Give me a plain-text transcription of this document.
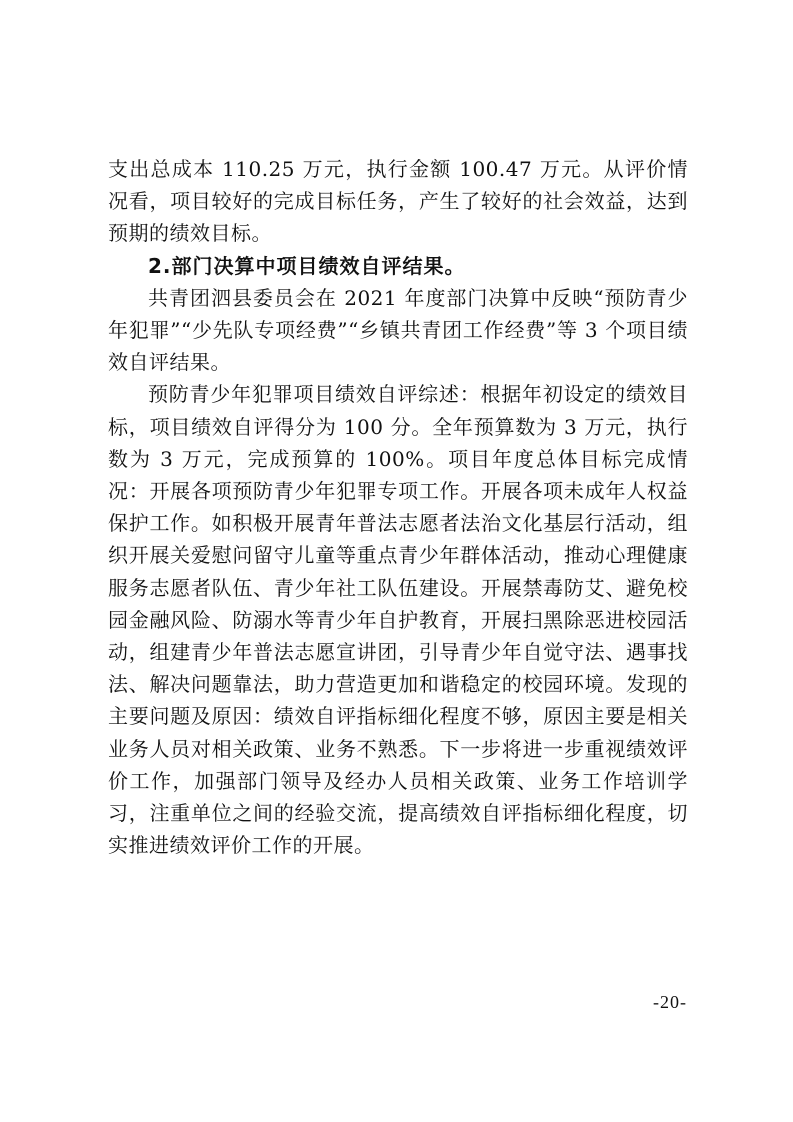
支出总成本 110.25 万元，执行金额 100.47 万元。从评价情况看，项目较好的完成目标任务，产生了较好的社会效益，达到预期的绩效目标。

2.部门决算中项目绩效自评结果。

共青团泗县委员会在 2021 年度部门决算中反映“预防青少年犯罪”“少先队专项经费”“乡镇共青团工作经费”等 3 个项目绩效自评结果。

预防青少年犯罪项目绩效自评综述：根据年初设定的绩效目标，项目绩效自评得分为 100 分。全年预算数为 3 万元，执行数为 3 万元，完成预算的 100%。项目年度总体目标完成情况：开展各项预防青少年犯罪专项工作。开展各项未成年人权益保护工作。如积极开展青年普法志愿者法治文化基层行活动，组织开展关爱慰问留守儿童等重点青少年群体活动，推动心理健康服务志愿者队伍、青少年社工队伍建设。开展禁毒防艾、避免校园金融风险、防溺水等青少年自护教育，开展扫黑除恶进校园活动，组建青少年普法志愿宣讲团，引导青少年自觉守法、遇事找法、解决问题靠法，助力营造更加和谐稳定的校园环境。发现的主要问题及原因：绩效自评指标细化程度不够，原因主要是相关业务人员对相关政策、业务不熟悉。下一步将进一步重视绩效评价工作，加强部门领导及经办人员相关政策、业务工作培训学习，注重单位之间的经验交流，提高绩效自评指标细化程度，切实推进绩效评价工作的开展。

-20-
